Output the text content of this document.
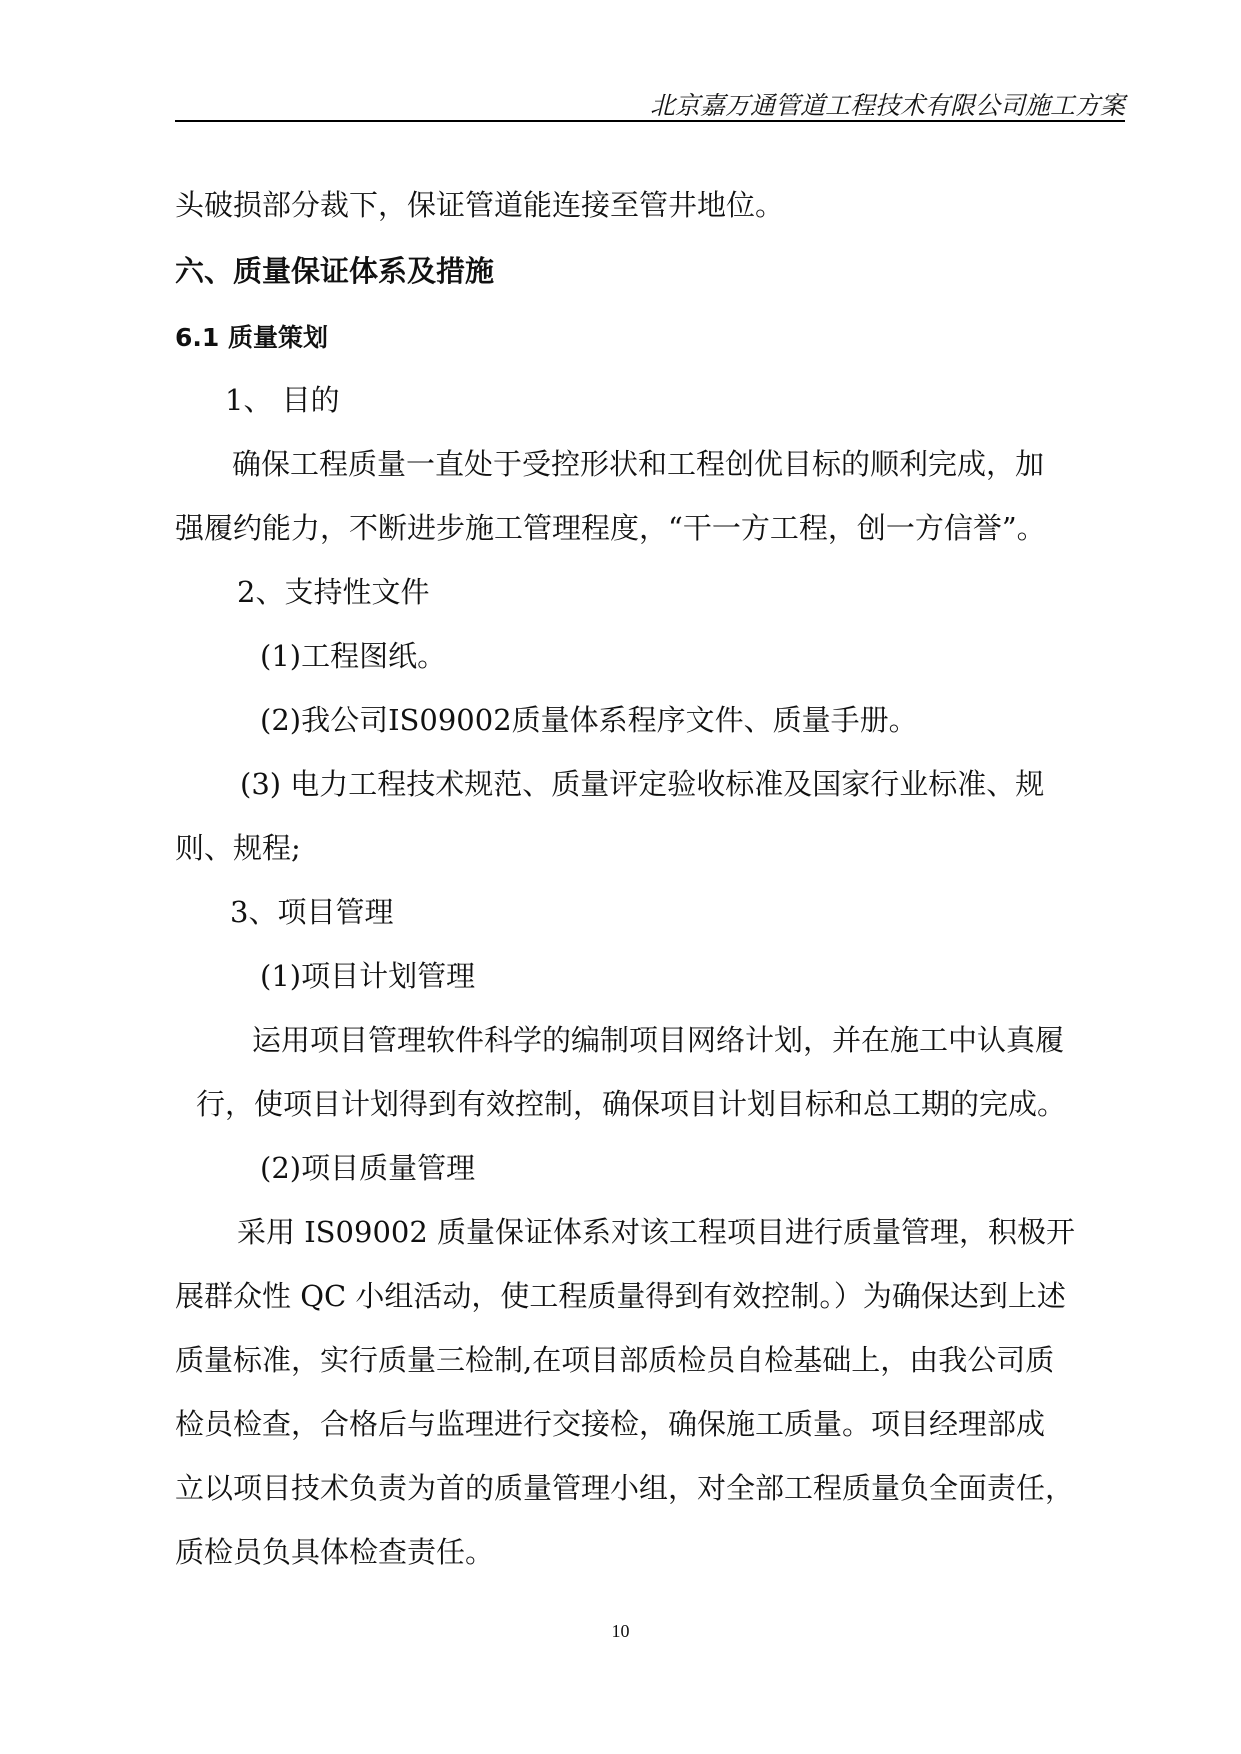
北京嘉万通管道工程技术有限公司施工方案
头破损部分裁下，保证管道能连接至管井地位。
六、质量保证体系及措施
6.1 质量策划
1、 目的
确保工程质量一直处于受控形状和工程创优目标的顺利完成，加
强履约能力，不断进步施工管理程度，“干一方工程，创一方信誉”。
2、支持性文件
(1)工程图纸。
(2)我公司IS09002质量体系程序文件、质量手册。
(3) 电力工程技术规范、质量评定验收标准及国家行业标准、规
则、规程;
3、项目管理
(1)项目计划管理
运用项目管理软件科学的编制项目网络计划，并在施工中认真履
行，使项目计划得到有效控制，确保项目计划目标和总工期的完成。
(2)项目质量管理
采用 IS09002 质量保证体系对该工程项目进行质量管理，积极开
展群众性 QC 小组活动，使工程质量得到有效控制。）为确保达到上述
质量标准，实行质量三检制,在项目部质检员自检基础上，由我公司质
检员检查，合格后与监理进行交接检，确保施工质量。项目经理部成
立以项目技术负责为首的质量管理小组，对全部工程质量负全面责任，
质检员负具体检查责任。
10
